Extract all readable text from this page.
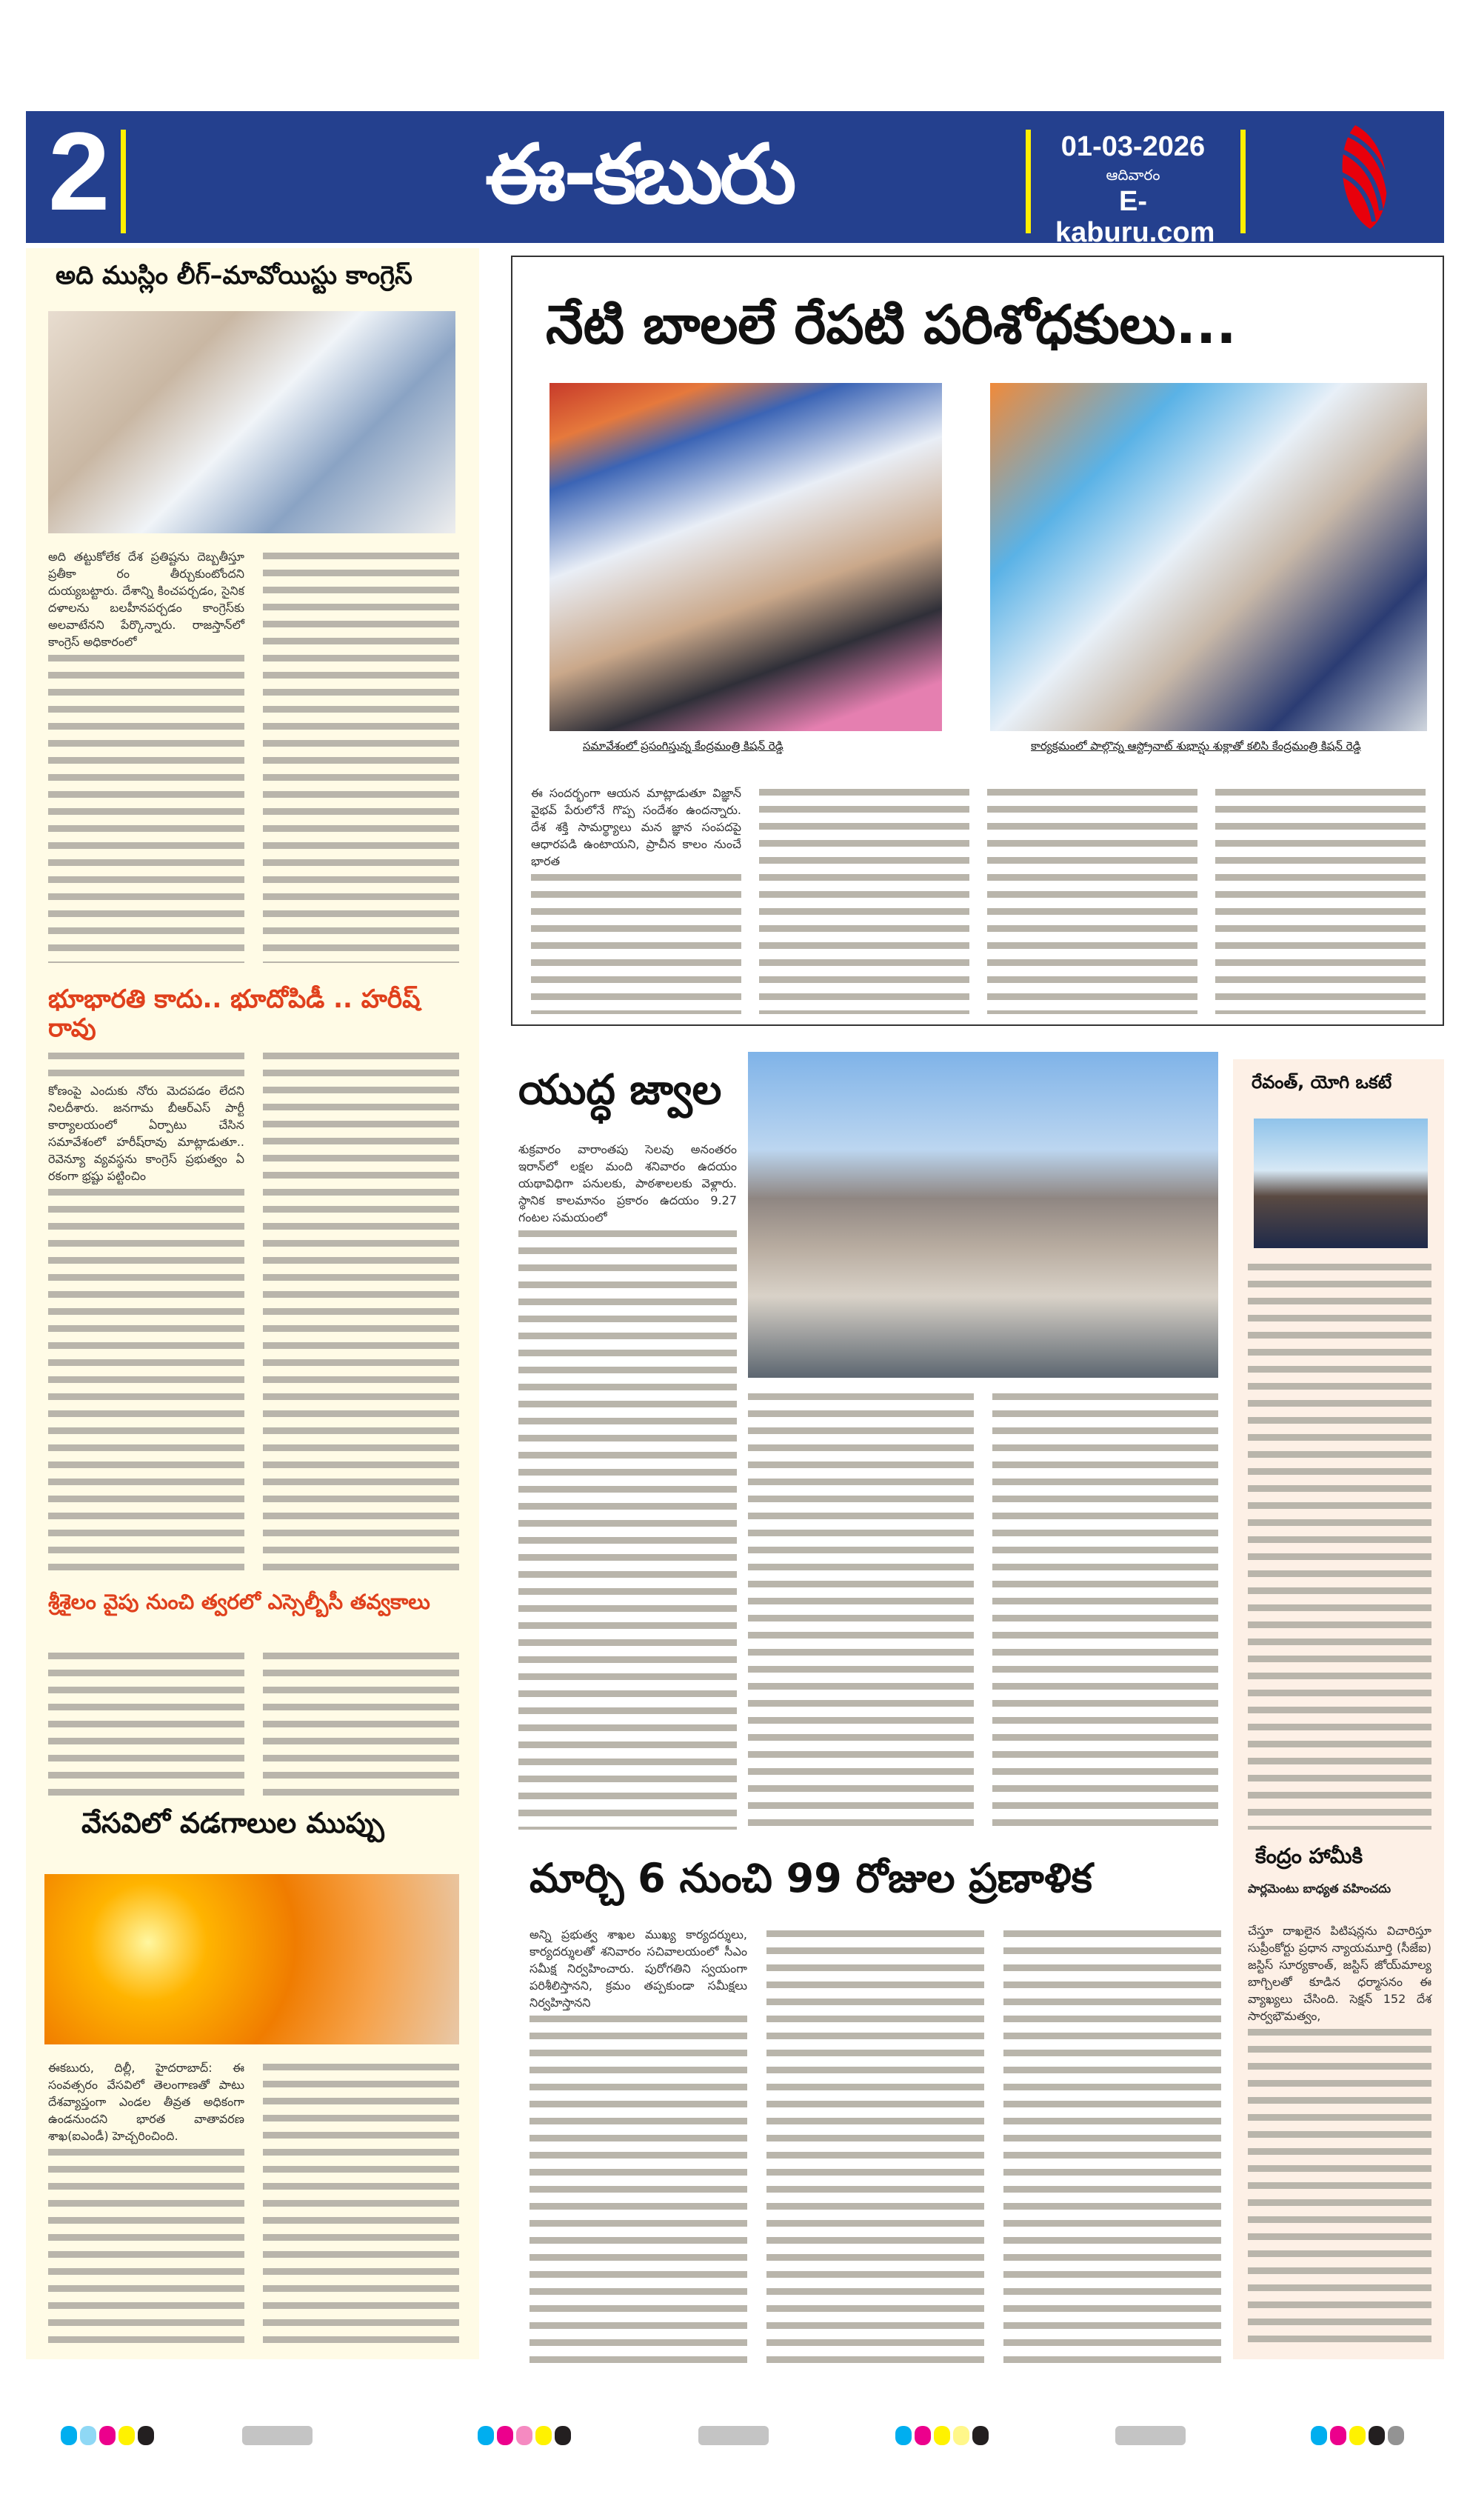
2	ఈ-కబురు	01-03-2026
ఆదివారం
E-kaburu.com
అది ముస్లిం లీగ్–మావోయిస్టు కాంగ్రెస్

అది తట్టుకోలేక దేశ ప్రతిష్టను దెబ్బతీస్తూ ప్రతీకా రం తీర్చుకుంటోందని దుయ్యబట్టారు. దేశాన్ని కించపర్చడం, సైనిక దళాలను బలహీనపర్చడం కాంగ్రెస్‌కు అలవాటేనని పేర్కొన్నారు. రాజస్తాన్‌లో కాంగ్రెస్ అధికారంలో

భూభారతి కాదు.. భూదోపిడీ .. హరీష్ రావు

కోణంపై ఎందుకు నోరు మెదపడం లేదని నిలదీశారు. జనగామ బీఆర్ఎస్ పార్టీ కార్యాలయంలో ఏర్పాటు చేసిన సమావేశంలో హరీష్‌రావు మాట్లాడుతూ.. రెవెన్యూ వ్యవస్థను కాంగ్రెస్ ప్రభుత్వం ఏ రకంగా భ్రష్టు పట్టించిం

శ్రీశైలం వైపు నుంచి త్వరలో ఎస్సెల్బీసీ తవ్వకాలు
వేసవిలో వడగాలుల ముప్పు

ఈకబురు, దిల్లీ, హైదరాబాద్: ఈ సంవత్సరం వేసవిలో తెలంగాణతో పాటు దేశవ్యాప్తంగా ఎండల తీవ్రత అధికంగా ఉండనుందని భారత వాతావరణ శాఖ(ఐఎండీ) హెచ్చరించింది.

నేటి బాలలే రేపటి పరిశోధకులు...
సమావేశంలో ప్రసంగిస్తున్న కేంద్రమంత్రి కిషన్ రెడ్డి	కార్యక్రమంలో పాల్గొన్న ఆస్ట్రోనాట్ శుభాన్షు శుక్లాతో కలిసి కేంద్రమంత్రి కిషన్ రెడ్డి

ఈ సందర్భంగా ఆయన మాట్లాడుతూ విజ్ఞాన్ వైభవ్ పేరులోనే గొప్ప సందేశం ఉందన్నారు. దేశ శక్తి సామర్థ్యాలు మన జ్ఞాన సంపదపై ఆధారపడి ఉంటాయని, ప్రాచీన కాలం నుంచే భారత

యుద్ధ జ్వాల

శుక్రవారం వారాంతపు సెలవు అనంతరం ఇరాన్‌లో లక్షల మంది శనివారం ఉదయం యథావిధిగా పనులకు, పాఠశాలలకు వెళ్లారు. స్థానిక కాలమానం ప్రకారం ఉదయం 9.27 గంటల సమయంలో

రేవంత్, యోగి ఒకటే
కేంద్రం హామీకి
పార్లమెంటు బాధ్యత వహించదు

చేస్తూ దాఖలైన పిటిషన్లను విచారిస్తూ సుప్రీంకోర్టు ప్రధాన న్యాయమూర్తి (సీజేఐ) జస్టిస్ సూర్యకాంత్, జస్టిస్ జోయ్‌మాల్య బాగ్చిలతో కూడిన ధర్మాసనం ఈ వ్యాఖ్యలు చేసింది. సెక్షన్ 152 దేశ సార్వభౌమత్వం,

మార్చి 6 నుంచి 99 రోజుల ప్రణాళిక

అన్ని ప్రభుత్వ శాఖల ముఖ్య కార్యదర్శులు, కార్యదర్శులతో శనివారం సచివాలయంలో సీఎం సమీక్ష నిర్వహించారు. పురోగతిని స్వయంగా పరిశీలిస్తానని, క్రమం తప్పకుండా సమీక్షలు నిర్వహిస్తానని
